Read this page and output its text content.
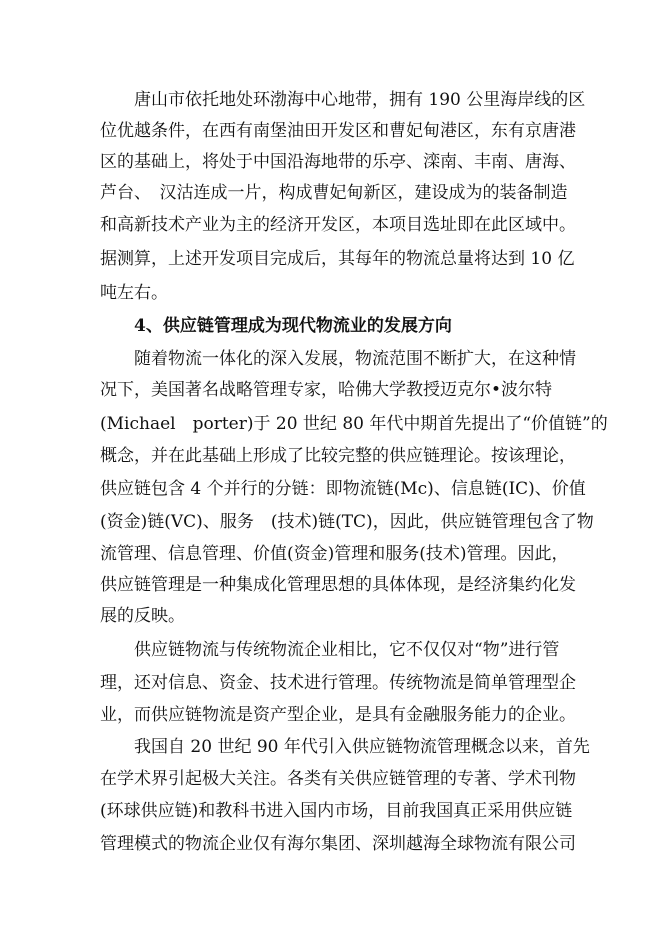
唐山市依托地处环渤海中心地带，拥有 190 公里海岸线的区
位优越条件，在西有南堡油田开发区和曹妃甸港区，东有京唐港
区的基础上，将处于中国沿海地带的乐亭、滦南、丰南、唐海、
芦台、　汉沽连成一片，构成曹妃甸新区，建设成为的装备制造
和高新技术产业为主的经济开发区，本项目选址即在此区域中。
据测算，上述开发项目完成后，其每年的物流总量将达到 10 亿
吨左右。
4、供应链管理成为现代物流业的发展方向
随着物流一体化的深入发展，物流范围不断扩大，在这种情
况下，美国著名战略管理专家，哈佛大学教授迈克尔•波尔特
(Michael　porter)于 20 世纪 80 年代中期首先提出了“价值链”的
概念，并在此基础上形成了比较完整的供应链理论。按该理论，
供应链包含 4 个并行的分链：即物流链(Mc)、信息链(IC)、价值
(资金)链(VC)、服务　(技术)链(TC)，因此，供应链管理包含了物
流管理、信息管理、价值(资金)管理和服务(技术)管理。因此，
供应链管理是一种集成化管理思想的具体体现，是经济集约化发
展的反映。
供应链物流与传统物流企业相比，它不仅仅对“物”进行管
理，还对信息、资金、技术进行管理。传统物流是简单管理型企
业，而供应链物流是资产型企业，是具有金融服务能力的企业。
我国自 20 世纪 90 年代引入供应链物流管理概念以来，首先
在学术界引起极大关注。各类有关供应链管理的专著、学术刊物
(环球供应链)和教科书进入国内市场，目前我国真正采用供应链
管理模式的物流企业仅有海尔集团、深圳越海全球物流有限公司
